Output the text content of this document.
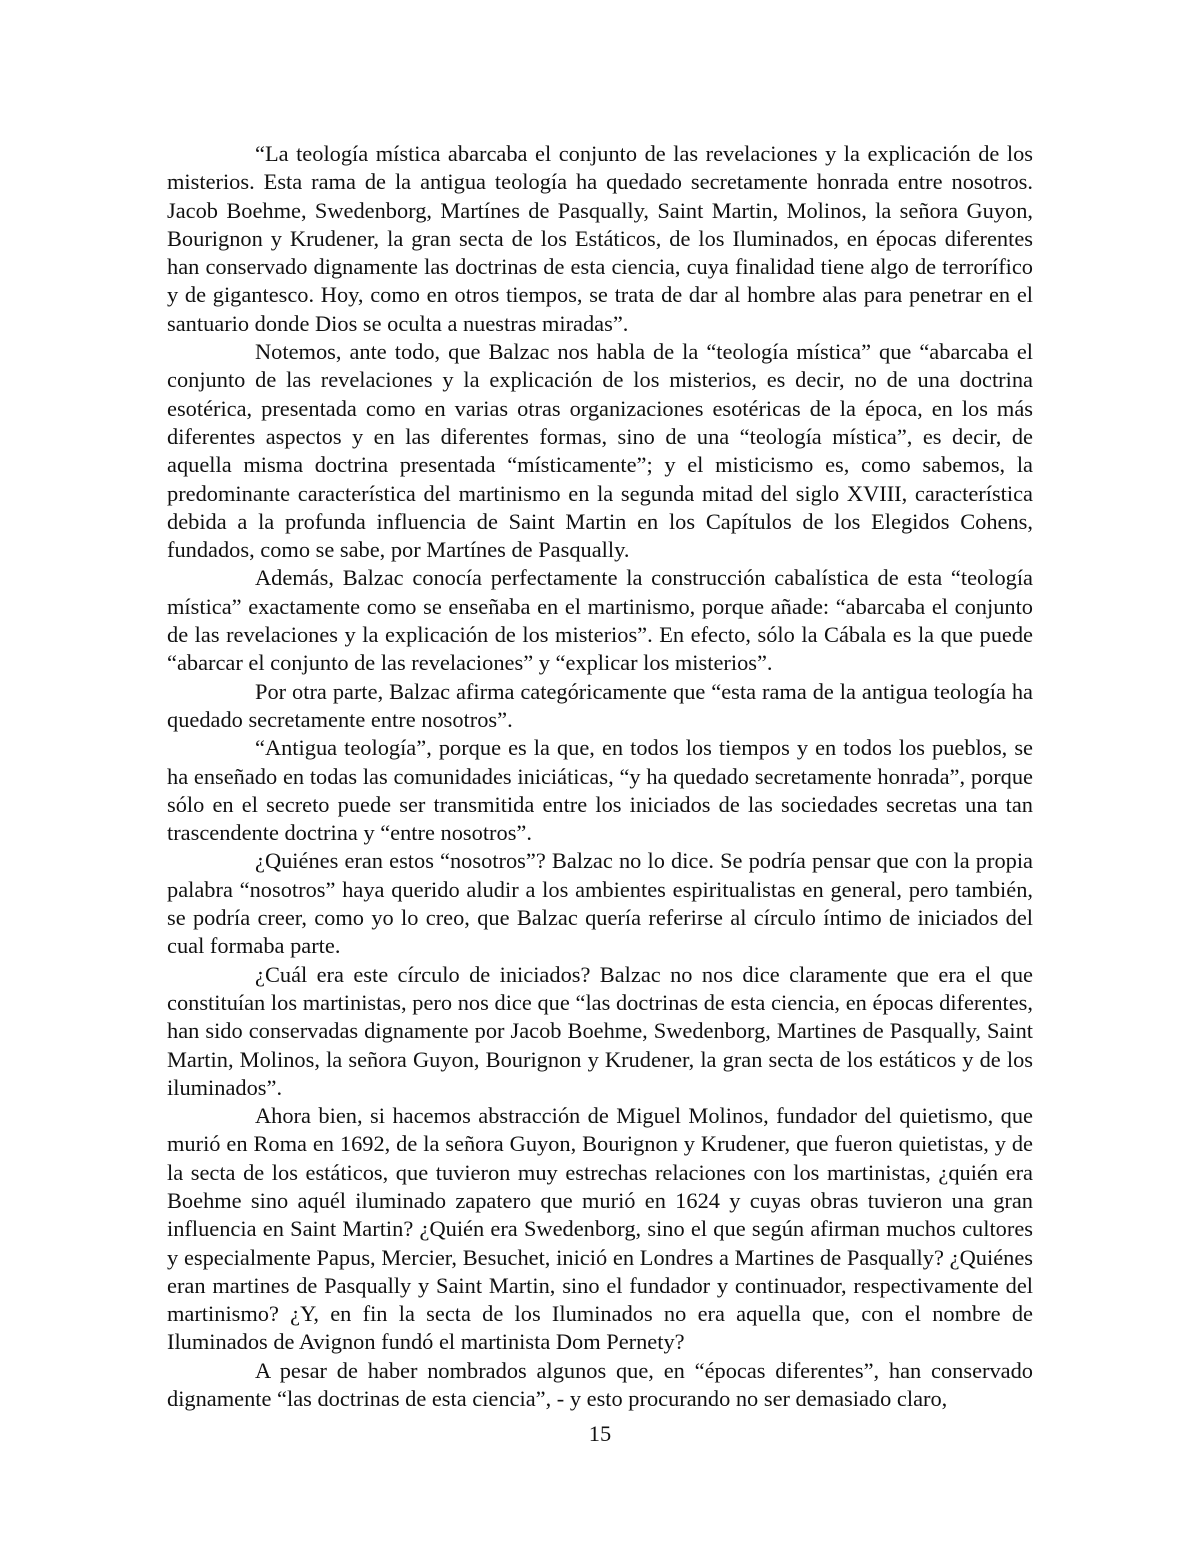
“La teología mística abarcaba el conjunto de las revelaciones y la explicación de los misterios. Esta rama de la antigua teología ha quedado secretamente honrada entre nosotros. Jacob Boehme, Swedenborg, Martínes de Pasqually, Saint Martin, Molinos, la señora Guyon, Bourignon y Krudener, la gran secta de los Estáticos, de los Iluminados, en épocas diferentes han conservado dignamente las doctrinas de esta ciencia, cuya finalidad tiene algo de terrorífico y de gigantesco. Hoy, como en otros tiempos, se trata de dar al hombre alas para penetrar en el santuario donde Dios se oculta a nuestras miradas”.

Notemos, ante todo, que Balzac nos habla de la “teología mística” que “abarcaba el conjunto de las revelaciones y la explicación de los misterios, es decir, no de una doctrina esotérica, presentada como en varias otras organizaciones esotéricas de la época, en los más diferentes aspectos y en las diferentes formas, sino de una “teología mística”, es decir, de aquella misma doctrina presentada “místicamente”; y el misticismo es, como sabemos, la predominante característica del martinismo en la segunda mitad del siglo XVIII, característica debida a la profunda influencia de Saint Martin en los Capítulos de los Elegidos Cohens, fundados, como se sabe, por Martínes de Pasqually.

Además, Balzac conocía perfectamente la construcción cabalística de esta “teología mística” exactamente como se enseñaba en el martinismo, porque añade: “abarcaba el conjunto de las revelaciones y la explicación de los misterios”. En efecto, sólo la Cábala es la que puede “abarcar el conjunto de las revelaciones” y “explicar los misterios”.

Por otra parte, Balzac afirma categóricamente que “esta rama de la antigua teología ha quedado secretamente entre nosotros”.

“Antigua teología”, porque es la que, en todos los tiempos y en todos los pueblos, se ha enseñado en todas las comunidades iniciáticas, “y ha quedado secretamente honrada”, porque sólo en el secreto puede ser transmitida entre los iniciados de las sociedades secretas una tan trascendente doctrina y “entre nosotros”.

¿Quiénes eran estos “nosotros”? Balzac no lo dice. Se podría pensar que con la propia palabra “nosotros” haya querido aludir a los ambientes espiritualistas en general, pero también, se podría creer, como yo lo creo, que Balzac quería referirse al círculo íntimo de iniciados del cual formaba parte.

¿Cuál era este círculo de iniciados? Balzac no nos dice claramente que era el que constituían los martinistas, pero nos dice que “las doctrinas de esta ciencia, en épocas diferentes, han sido conservadas dignamente por Jacob Boehme, Swedenborg, Martines de Pasqually, Saint Martin, Molinos, la señora Guyon, Bourignon y Krudener, la gran secta de los estáticos y de los iluminados”.

Ahora bien, si hacemos abstracción de Miguel Molinos, fundador del quietismo, que murió en Roma en 1692, de la señora Guyon, Bourignon y Krudener, que fueron quietistas, y de la secta de los estáticos, que tuvieron muy estrechas relaciones con los martinistas, ¿quién era Boehme sino aquél iluminado zapatero que murió en 1624 y cuyas obras tuvieron una gran influencia en Saint Martin? ¿Quién era Swedenborg, sino el que según afirman muchos cultores y especialmente Papus, Mercier, Besuchet, inició en Londres a Martines de Pasqually? ¿Quiénes eran martines de Pasqually y Saint Martin, sino el fundador y continuador, respectivamente del martinismo? ¿Y, en fin la secta de los Iluminados no era aquella que, con el nombre de Iluminados de Avignon fundó el martinista Dom Pernety?

A pesar de haber nombrados algunos que, en “épocas diferentes”, han conservado dignamente “las doctrinas de esta ciencia”, - y esto procurando no ser demasiado claro,

15
